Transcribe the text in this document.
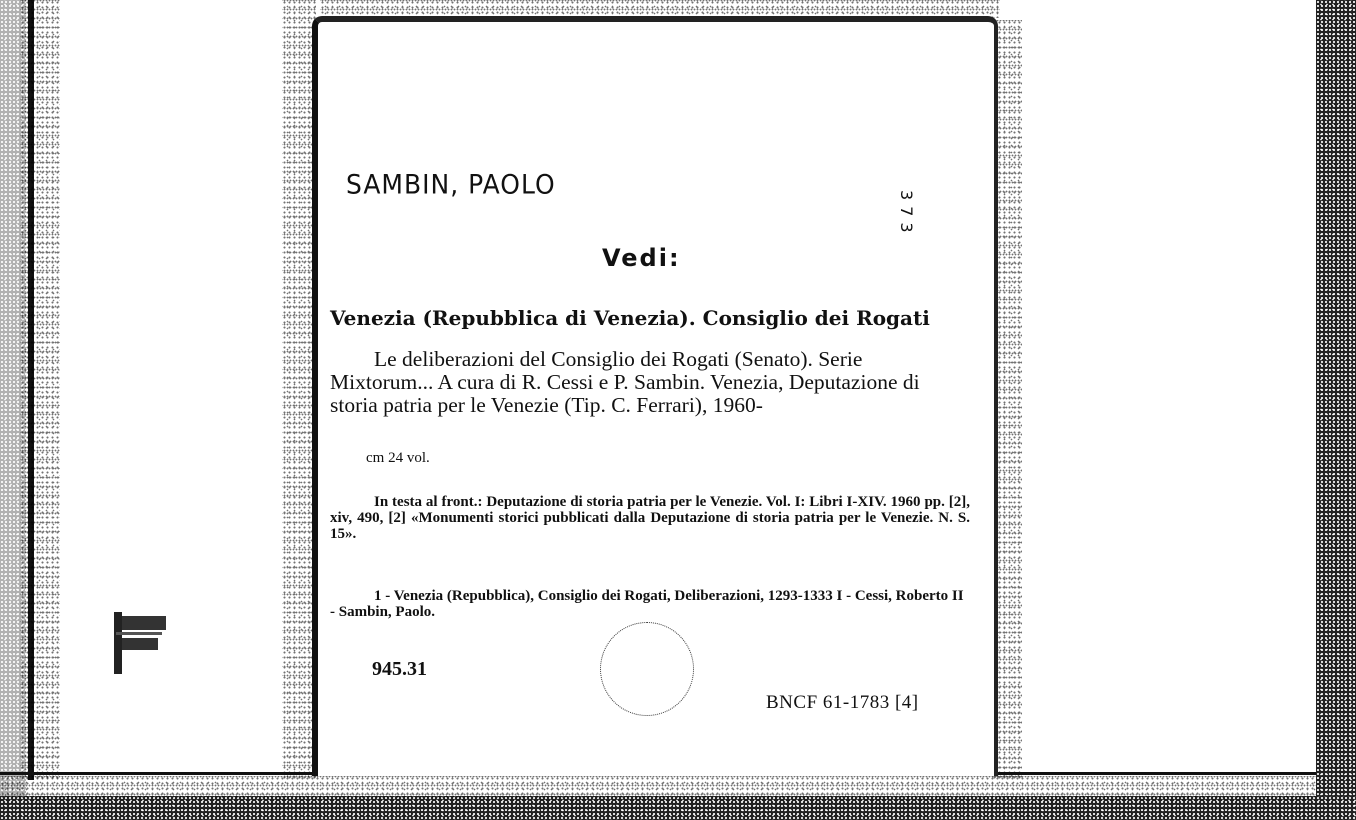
SAMBIN, PAOLO
373
Vedi:
Venezia (Repubblica di Venezia). Consiglio dei Rogati
Le deliberazioni del Consiglio dei Rogati (Senato). Serie Mixtorum... A cura di R. Cessi e P. Sambin. Venezia, Deputazione di storia patria per le Venezie (Tip. C. Ferrari), 1960-
cm 24 vol.
In testa al front.: Deputazione di storia patria per le Venezie. Vol. I: Libri I-XIV. 1960 pp. [2], xiv, 490, [2] «Monumenti storici pubblicati dalla Deputazione di storia patria per le Venezie. N. S. 15».
1 - Venezia (Repubblica), Consiglio dei Rogati, Deliberazioni, 1293-1333 I - Cessi, Roberto II - Sambin, Paolo.
945.31
BNCF 61-1783 [4]
